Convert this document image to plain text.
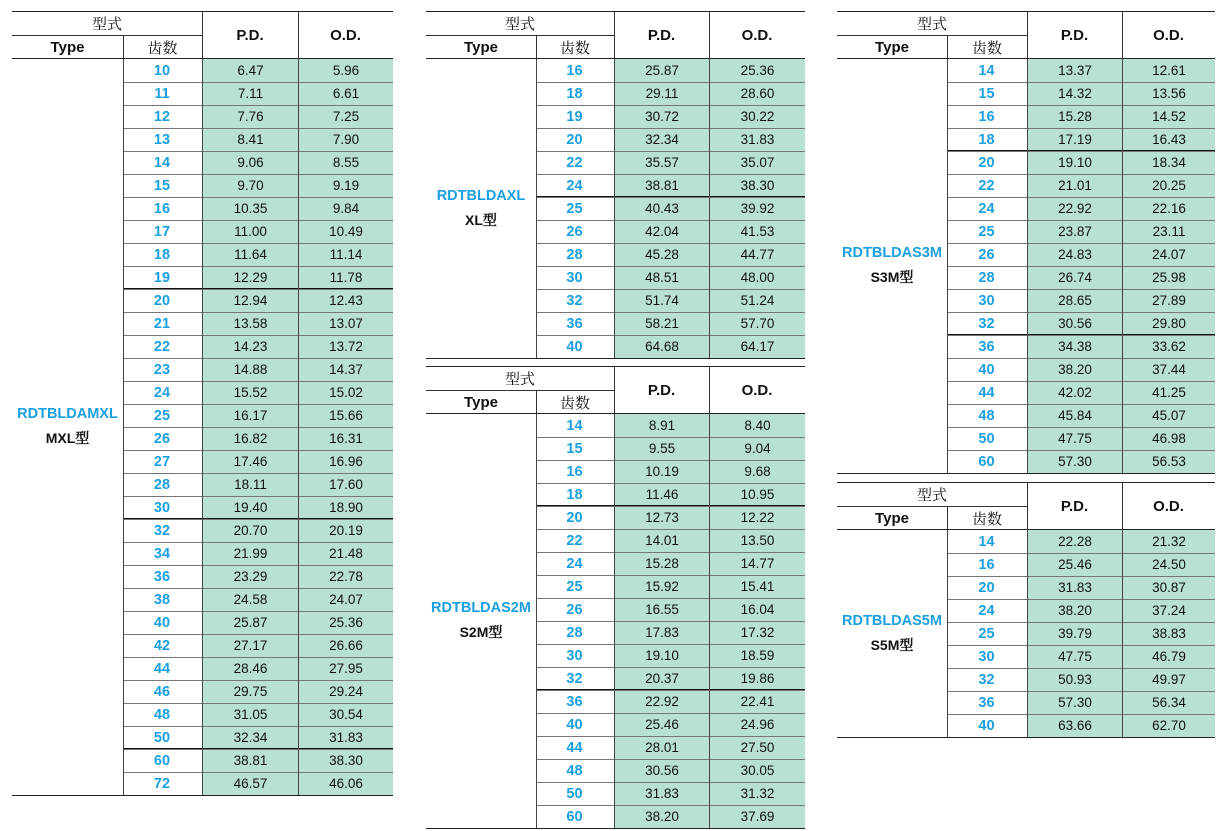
型式
Type	齿数
P.D.	O.D.
RDTBLDAMXL
MXL型
10	6.47	5.96
11	7.11	6.61
12	7.76	7.25
13	8.41	7.90
14	9.06	8.55
15	9.70	9.19
16	10.35	9.84
17	11.00	10.49
18	11.64	11.14
19	12.29	11.78
20	12.94	12.43
21	13.58	13.07
22	14.23	13.72
23	14.88	14.37
24	15.52	15.02
25	16.17	15.66
26	16.82	16.31
27	17.46	16.96
28	18.11	17.60
30	19.40	18.90
32	20.70	20.19
34	21.99	21.48
36	23.29	22.78
38	24.58	24.07
40	25.87	25.36
42	27.17	26.66
44	28.46	27.95
46	29.75	29.24
48	31.05	30.54
50	32.34	31.83
60	38.81	38.30
72	46.57	46.06
型式
Type	齿数
P.D.	O.D.
RDTBLDAXL
XL型
16	25.87	25.36
18	29.11	28.60
19	30.72	30.22
20	32.34	31.83
22	35.57	35.07
24	38.81	38.30
25	40.43	39.92
26	42.04	41.53
28	45.28	44.77
30	48.51	48.00
32	51.74	51.24
36	58.21	57.70
40	64.68	64.17
型式
Type	齿数
P.D.	O.D.
RDTBLDAS2M
S2M型
14	8.91	8.40
15	9.55	9.04
16	10.19	9.68
18	11.46	10.95
20	12.73	12.22
22	14.01	13.50
24	15.28	14.77
25	15.92	15.41
26	16.55	16.04
28	17.83	17.32
30	19.10	18.59
32	20.37	19.86
36	22.92	22.41
40	25.46	24.96
44	28.01	27.50
48	30.56	30.05
50	31.83	31.32
60	38.20	37.69
型式
Type	齿数
P.D.	O.D.
RDTBLDAS3M
S3M型
14	13.37	12.61
15	14.32	13.56
16	15.28	14.52
18	17.19	16.43
20	19.10	18.34
22	21.01	20.25
24	22.92	22.16
25	23.87	23.11
26	24.83	24.07
28	26.74	25.98
30	28.65	27.89
32	30.56	29.80
36	34.38	33.62
40	38.20	37.44
44	42.02	41.25
48	45.84	45.07
50	47.75	46.98
60	57.30	56.53
型式
Type	齿数
P.D.	O.D.
RDTBLDAS5M
S5M型
14	22.28	21.32
16	25.46	24.50
20	31.83	30.87
24	38.20	37.24
25	39.79	38.83
30	47.75	46.79
32	50.93	49.97
36	57.30	56.34
40	63.66	62.70
